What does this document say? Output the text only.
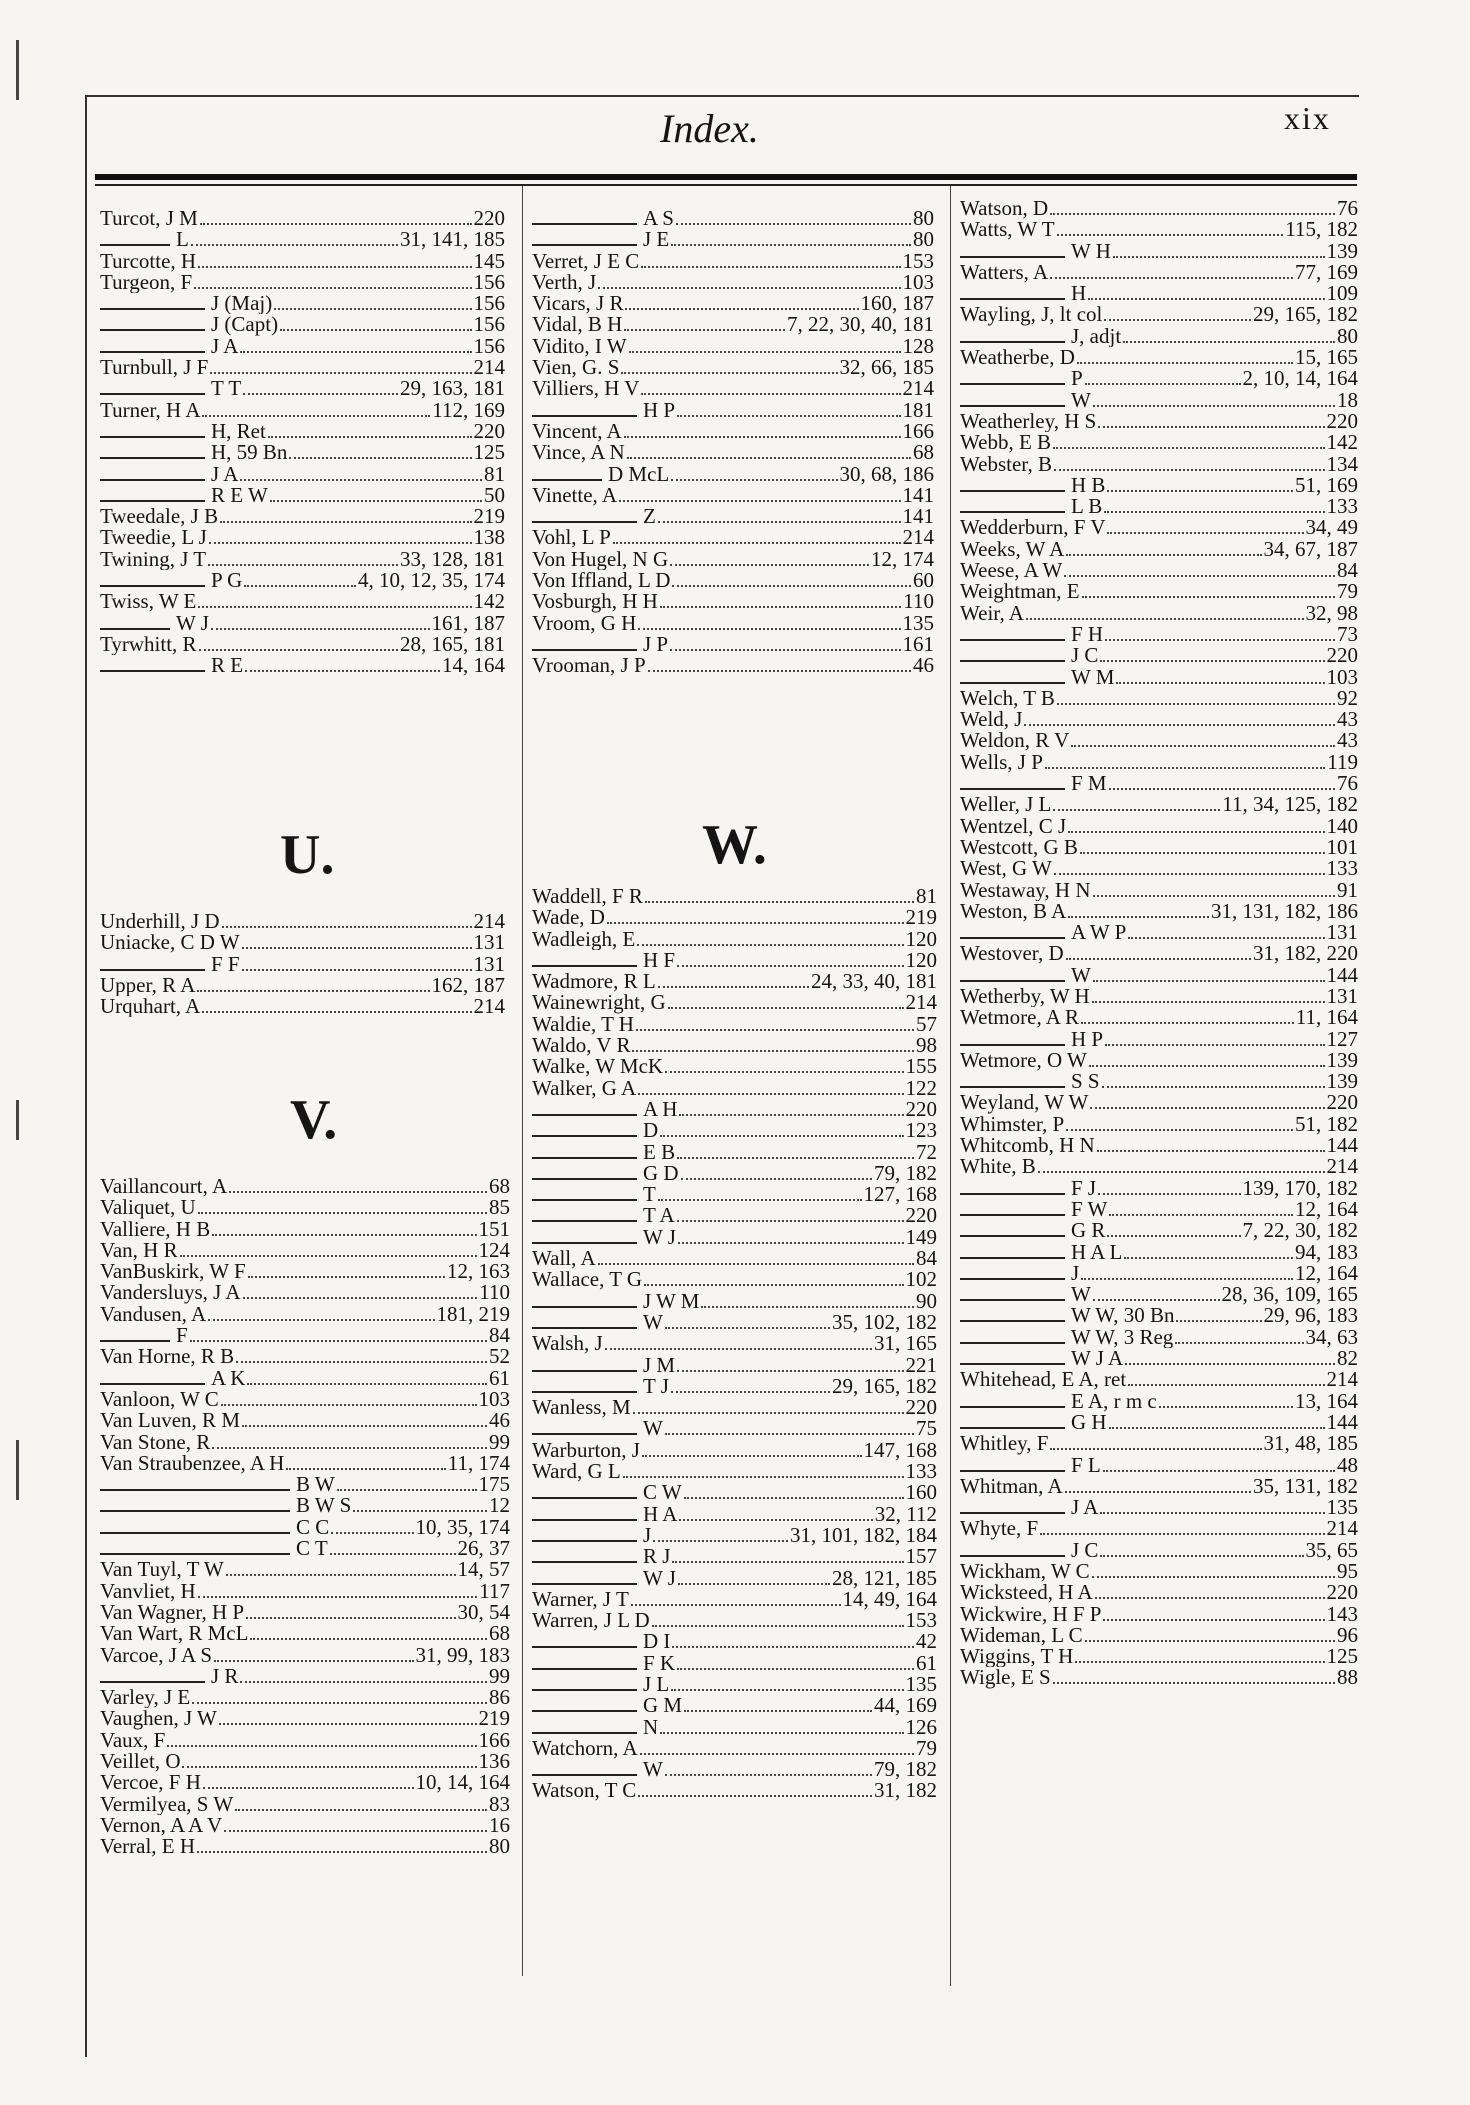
Index.	xix
Turcot, J M	220
L	31, 141, 185
Turcotte, H	145
Turgeon, F	156
J (Maj)	156
J (Capt)	156
J A	156
Turnbull, J F	214
T T	29, 163, 181
Turner, H A	112, 169
H, Ret	220
H, 59 Bn	125
J A	81
R E W	50
Tweedale, J B	219
Tweedie, L J	138
Twining, J T	33, 128, 181
P G	4, 10, 12, 35, 174
Twiss, W E	142
W J	161, 187
Tyrwhitt, R	28, 165, 181
R E	14, 164
U.
Underhill, J D	214
Uniacke, C D W	131
F F	131
Upper, R A	162, 187
Urquhart, A	214
V.
Vaillancourt, A	68
Valiquet, U	85
Valliere, H B	151
Van, H R	124
VanBuskirk, W F	12, 163
Vandersluys, J A	110
Vandusen, A	181, 219
F	84
Van Horne, R B	52
A K	61
Vanloon, W C	103
Van Luven, R M	46
Van Stone, R	99
Van Straubenzee, A H	11, 174
B W	175
B W S	12
C C	10, 35, 174
C T	26, 37
Van Tuyl, T W	14, 57
Vanvliet, H	117
Van Wagner, H P	30, 54
Van Wart, R McL	68
Varcoe, J A S	31, 99, 183
J R	99
Varley, J E	86
Vaughen, J W	219
Vaux, F	166
Veillet, O	136
Vercoe, F H	10, 14, 164
Vermilyea, S W	83
Vernon, A A V	16
Verral, E H	80
A S	80
J E	80
Verret, J E C	153
Verth, J	103
Vicars, J R	160, 187
Vidal, B H	7, 22, 30, 40, 181
Vidito, I W	128
Vien, G. S	32, 66, 185
Villiers, H V	214
H P	181
Vincent, A	166
Vince, A N	68
D McL	30, 68, 186
Vinette, A	141
Z	141
Vohl, L P	214
Von Hugel, N G	12, 174
Von Iffland, L D	60
Vosburgh, H H	110
Vroom, G H	135
J P	161
Vrooman, J P	46
W.
Waddell, F R	81
Wade, D	219
Wadleigh, E	120
H F	120
Wadmore, R L	24, 33, 40, 181
Wainewright, G	214
Waldie, T H	57
Waldo, V R	98
Walke, W McK	155
Walker, G A	122
A H	220
D	123
E B	72
G D	79, 182
T	127, 168
T A	220
W J	149
Wall, A	84
Wallace, T G	102
J W M	90
W	35, 102, 182
Walsh, J	31, 165
J M	221
T J	29, 165, 182
Wanless, M	220
W	75
Warburton, J	147, 168
Ward, G L	133
C W	160
H A	32, 112
J	31, 101, 182, 184
R J	157
W J	28, 121, 185
Warner, J T	14, 49, 164
Warren, J L D	153
D I	42
F K	61
J L	135
G M	44, 169
N	126
Watchorn, A	79
W	79, 182
Watson, T C	31, 182
Watson, D	76
Watts, W T	115, 182
W H	139
Watters, A	77, 169
H	109
Wayling, J, lt col	29, 165, 182
J, adjt	80
Weatherbe, D	15, 165
P	2, 10, 14, 164
W	18
Weatherley, H S	220
Webb, E B	142
Webster, B	134
H B	51, 169
L B	133
Wedderburn, F V	34, 49
Weeks, W A	34, 67, 187
Weese, A W	84
Weightman, E	79
Weir, A	32, 98
F H	73
J C	220
W M	103
Welch, T B	92
Weld, J	43
Weldon, R V	43
Wells, J P	119
F M	76
Weller, J L	11, 34, 125, 182
Wentzel, C J	140
Westcott, G B	101
West, G W	133
Westaway, H N	91
Weston, B A	31, 131, 182, 186
A W P	131
Westover, D	31, 182, 220
W	144
Wetherby, W H	131
Wetmore, A R	11, 164
H P	127
Wetmore, O W	139
S S	139
Weyland, W W	220
Whimster, P	51, 182
Whitcomb, H N	144
White, B	214
F J	139, 170, 182
F W	12, 164
G R	7, 22, 30, 182
H A L	94, 183
J	12, 164
W	28, 36, 109, 165
W W, 30 Bn	29, 96, 183
W W, 3 Reg	34, 63
W J A	82
Whitehead, E A, ret	214
E A, r m c	13, 164
G H	144
Whitley, F	31, 48, 185
F L	48
Whitman, A	35, 131, 182
J A	135
Whyte, F	214
J C	35, 65
Wickham, W C	95
Wicksteed, H A	220
Wickwire, H F P	143
Wideman, L C	96
Wiggins, T H	125
Wigle, E S	88
